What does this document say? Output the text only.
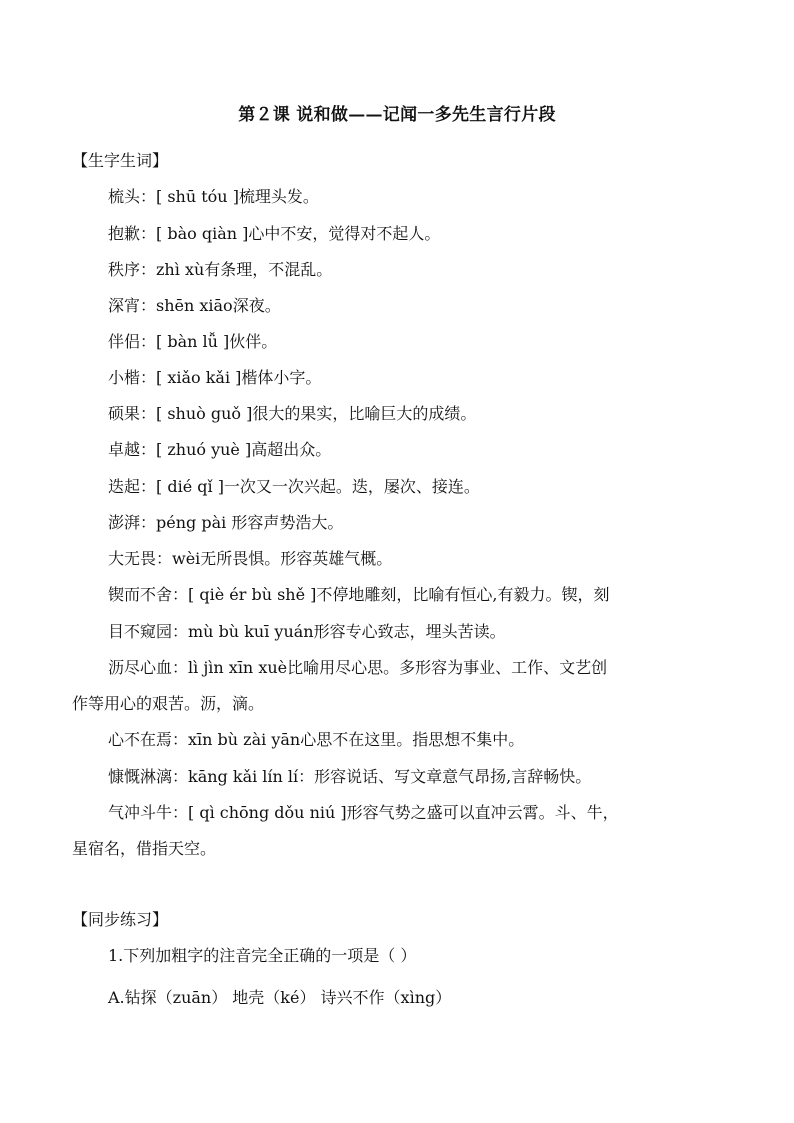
第２课 说和做——记闻一多先生言行片段
【生字生词】
梳头：[ shū tóu ]梳理头发。
抱歉：[ bào qiàn ]心中不安，觉得对不起人。
秩序：zhì xù有条理，不混乱。
深宵：shēn xiāo深夜。
伴侣：[ bàn lǚ ]伙伴。
小楷：[ xiǎo kǎi ]楷体小字。
硕果：[ shuò guǒ ]很大的果实，比喻巨大的成绩。
卓越：[ zhuó yuè ]高超出众。
迭起：[ dié qǐ ]一次又一次兴起。迭，屡次、接连。
澎湃：péng pài 形容声势浩大。
大无畏：wèi无所畏惧。形容英雄气概。
锲而不舍：[ qiè ér bù shě ]不停地雕刻，比喻有恒心,有毅力。锲，刻
目不窥园：mù bù kuī yuán形容专心致志，埋头苦读。
沥尽心血：lì jìn xīn xuè比喻用尽心思。多形容为事业、工作、文艺创
作等用心的艰苦。沥，滴。
心不在焉：xīn bù zài yān心思不在这里。指思想不集中。
慷慨淋漓：kāng kǎi lín lí：形容说话、写文章意气昂扬,言辞畅快。
气冲斗牛：[ qì chōng dǒu niú ]形容气势之盛可以直冲云霄。斗、牛，
星宿名，借指天空。
【同步练习】
1.下列加粗字的注音完全正确的一项是（ ）
A.钻探（zuān） 地壳（ké） 诗兴不作（xìng）
